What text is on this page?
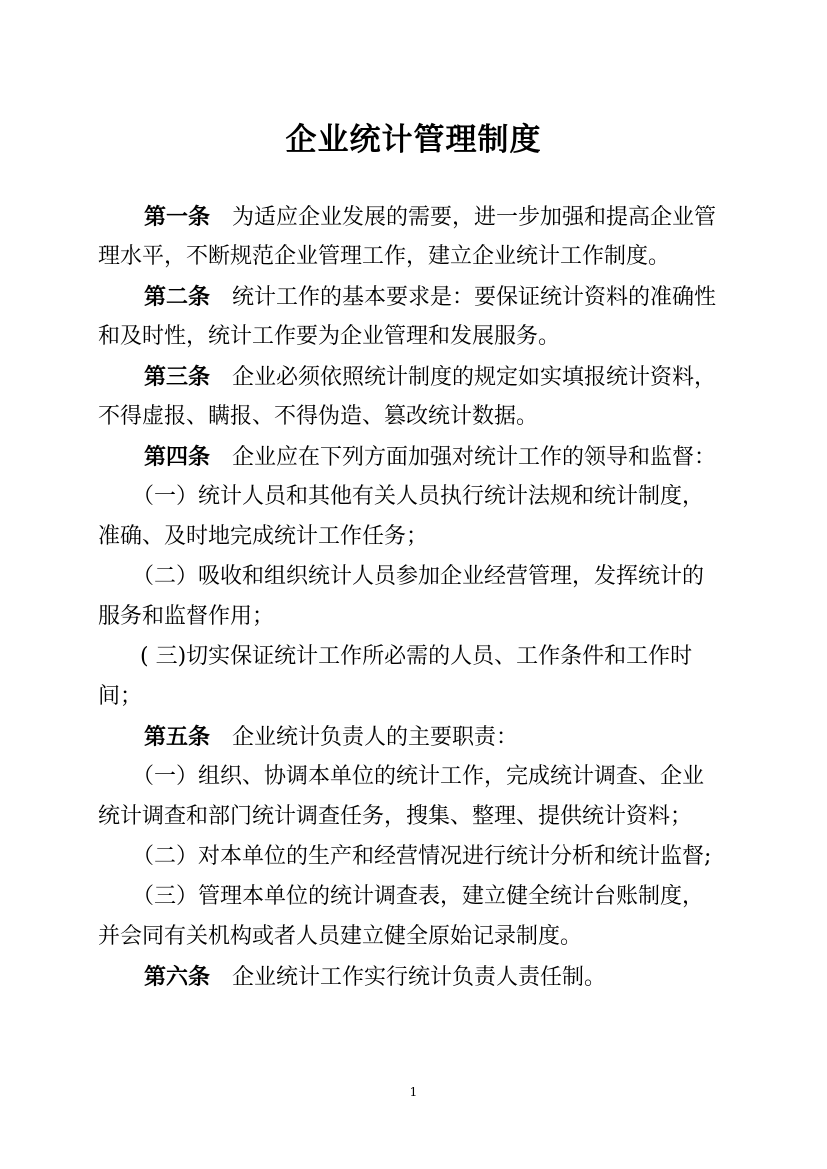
企业统计管理制度
第一条 为适应企业发展的需要，进一步加强和提高企业管
理水平，不断规范企业管理工作，建立企业统计工作制度。
第二条 统计工作的基本要求是：要保证统计资料的准确性
和及时性，统计工作要为企业管理和发展服务。
第三条 企业必须依照统计制度的规定如实填报统计资料，
不得虚报、瞒报、不得伪造、篡改统计数据。
第四条 企业应在下列方面加强对统计工作的领导和监督：
（一）统计人员和其他有关人员执行统计法规和统计制度，
准确、及时地完成统计工作任务；
（二）吸收和组织统计人员参加企业经营管理，发挥统计的
服务和监督作用；
( 三)切实保证统计工作所必需的人员、工作条件和工作时
间；
第五条 企业统计负责人的主要职责：
（一）组织、协调本单位的统计工作，完成统计调查、企业
统计调查和部门统计调查任务，搜集、整理、提供统计资料；
（二）对本单位的生产和经营情况进行统计分析和统计监督;
（三）管理本单位的统计调查表，建立健全统计台账制度，
并会同有关机构或者人员建立健全原始记录制度。
第六条 企业统计工作实行统计负责人责任制。
1
